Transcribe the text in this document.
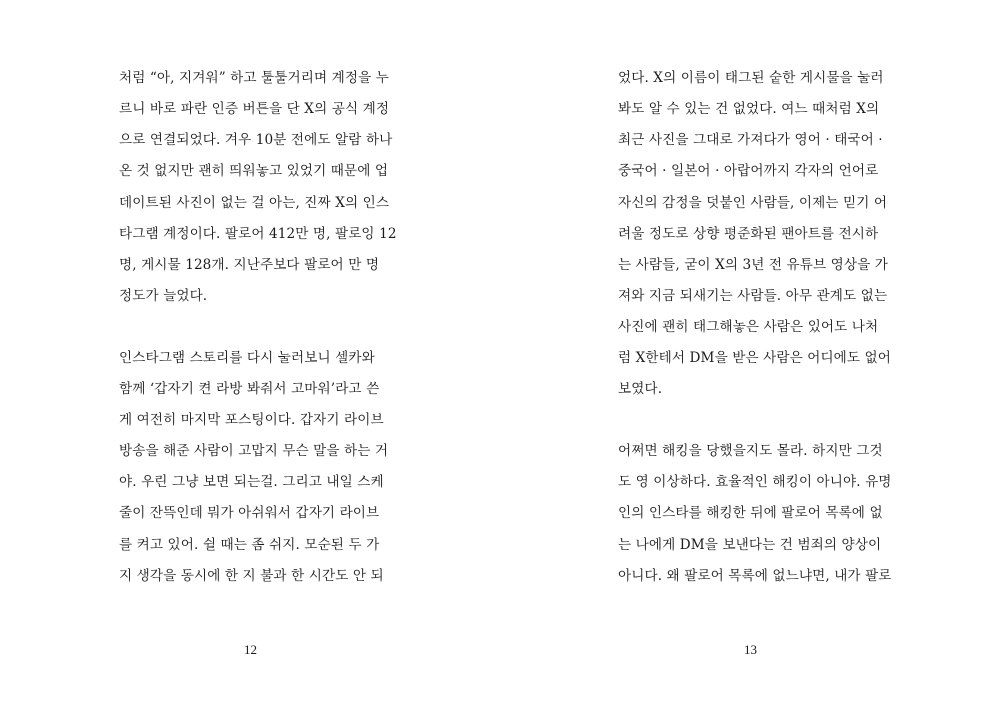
처럼 “아, 지겨워” 하고 툴툴거리며 계정을 누
르니 바로 파란 인증 버튼을 단 X의 공식 계정
으로 연결되었다. 겨우 10분 전에도 알람 하나
온 것 없지만 괜히 띄워놓고 있었기 때문에 업
데이트된 사진이 없는 걸 아는, 진짜 X의 인스
타그램 계정이다. 팔로어 412만 명, 팔로잉 12
명, 게시물 128개. 지난주보다 팔로어 만 명
정도가 늘었다.
인스타그램 스토리를 다시 눌러보니 셀카와
함께 ‘갑자기 켠 라방 봐줘서 고마워’라고 쓴
게 여전히 마지막 포스팅이다. 갑자기 라이브
방송을 해준 사람이 고맙지 무슨 말을 하는 거
야. 우린 그냥 보면 되는걸. 그리고 내일 스케
줄이 잔뜩인데 뭐가 아쉬워서 갑자기 라이브
를 켜고 있어. 쉴 때는 좀 쉬지. 모순된 두 가
지 생각을 동시에 한 지 불과 한 시간도 안 되
12
었다. X의 이름이 태그된 숱한 게시물을 눌러
봐도 알 수 있는 건 없었다. 여느 때처럼 X의
최근 사진을 그대로 가져다가 영어 · 태국어 ·
중국어 · 일본어 · 아랍어까지 각자의 언어로
자신의 감정을 덧붙인 사람들, 이제는 믿기 어
려울 정도로 상향 평준화된 팬아트를 전시하
는 사람들, 굳이 X의 3년 전 유튜브 영상을 가
져와 지금 되새기는 사람들. 아무 관계도 없는
사진에 괜히 태그해놓은 사람은 있어도 나처
럼 X한테서 DM을 받은 사람은 어디에도 없어
보였다.
어쩌면 해킹을 당했을지도 몰라. 하지만 그것
도 영 이상하다. 효율적인 해킹이 아니야. 유명
인의 인스타를 해킹한 뒤에 팔로어 목록에 없
는 나에게 DM을 보낸다는 건 범죄의 양상이
아니다. 왜 팔로어 목록에 없느냐면, 내가 팔로
13
